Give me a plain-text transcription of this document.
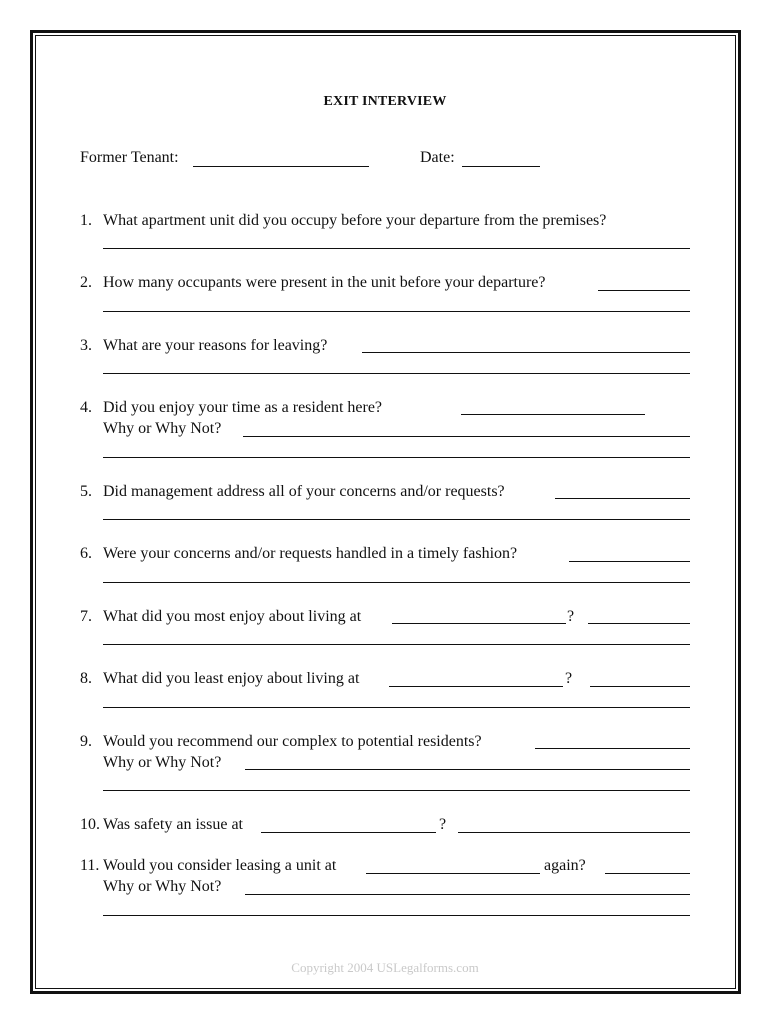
EXIT INTERVIEW
Former Tenant:	Date:
1. What apartment unit did you occupy before your departure from the premises?
2. How many occupants were present in the unit before your departure?
3. What are your reasons for leaving?
4. Did you enjoy your time as a resident here?
Why or Why Not?
5. Did management address all of your concerns and/or requests?
6. Were your concerns and/or requests handled in a timely fashion?
7. What did you most enjoy about living at	?
8. What did you least enjoy about living at	?
9. Would you recommend our complex to potential residents?
Why or Why Not?
10. Was safety an issue at	?
11. Would you consider leasing a unit at	again?
Why or Why Not?
Copyright 2004 USLegalforms.com
